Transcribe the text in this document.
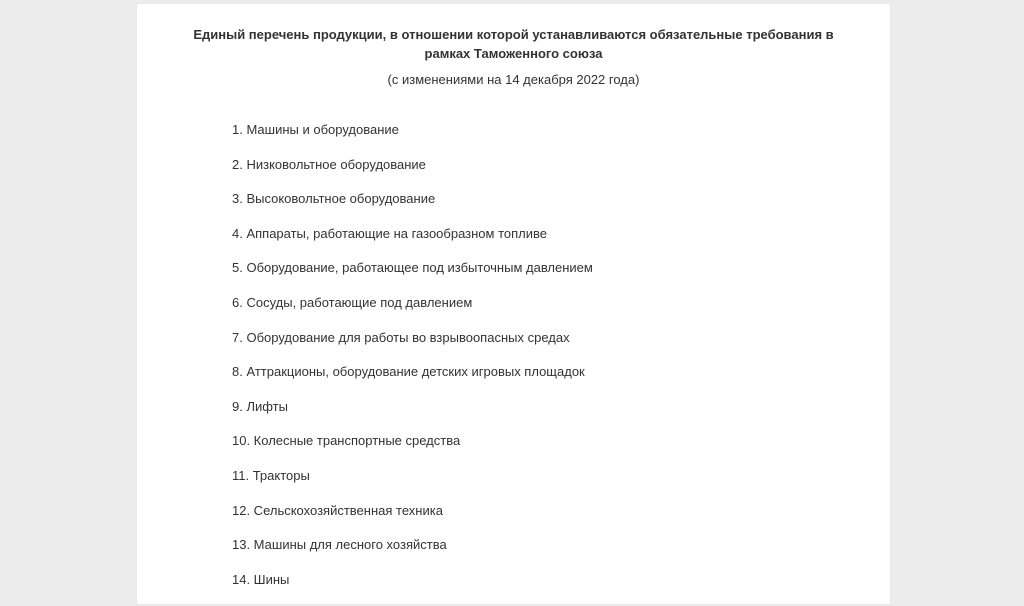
Единый перечень продукции, в отношении которой устанавливаются обязательные требования в
рамках Таможенного союза
(с изменениями на 14 декабря 2022 года)
1. Машины и оборудование
2. Низковольтное оборудование
3. Высоковольтное оборудование
4. Аппараты, работающие на газообразном топливе
5. Оборудование, работающее под избыточным давлением
6. Сосуды, работающие под давлением
7. Оборудование для работы во взрывоопасных средах
8. Аттракционы, оборудование детских игровых площадок
9. Лифты
10. Колесные транспортные средства
11. Тракторы
12. Сельскохозяйственная техника
13. Машины для лесного хозяйства
14. Шины
